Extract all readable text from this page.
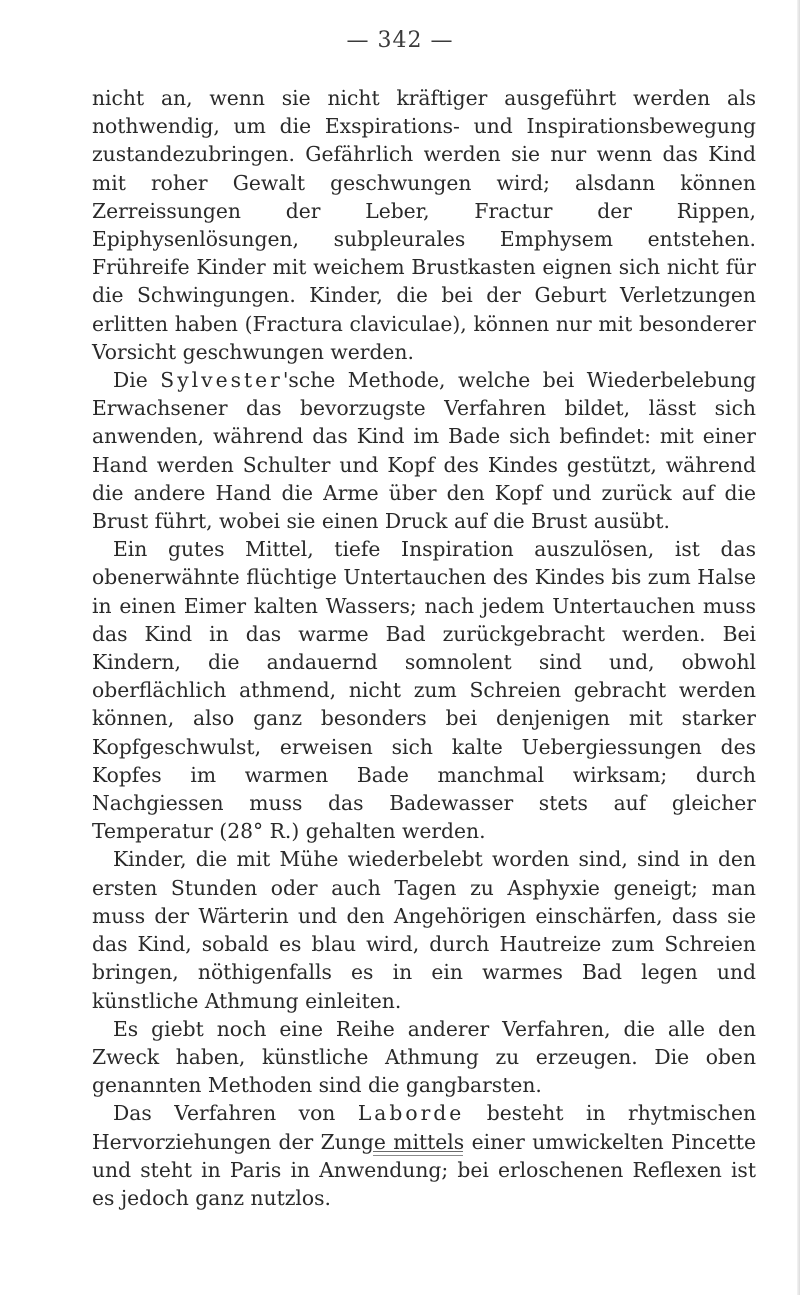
— 342 —

nicht an, wenn sie nicht kräftiger ausgeführt werden als nothwendig, um die Exspirations- und Inspirationsbewegung zustandezubringen. Gefährlich werden sie nur wenn das Kind mit roher Gewalt geschwungen wird; alsdann können Zerreissungen der Leber, Fractur der Rippen, Epiphysenlösungen, subpleurales Emphysem entstehen. Frühreife Kinder mit weichem Brustkasten eignen sich nicht für die Schwingungen. Kinder, die bei der Geburt Verletzungen erlitten haben (Fractura claviculae), können nur mit besonderer Vorsicht geschwungen werden.

Die Sylvester'sche Methode, welche bei Wiederbelebung Erwachsener das bevorzugste Verfahren bildet, lässt sich anwenden, während das Kind im Bade sich befindet: mit einer Hand werden Schulter und Kopf des Kindes gestützt, während die andere Hand die Arme über den Kopf und zurück auf die Brust führt, wobei sie einen Druck auf die Brust ausübt.

Ein gutes Mittel, tiefe Inspiration auszulösen, ist das obenerwähnte flüchtige Untertauchen des Kindes bis zum Halse in einen Eimer kalten Wassers; nach jedem Untertauchen muss das Kind in das warme Bad zurückgebracht werden. Bei Kindern, die andauernd somnolent sind und, obwohl oberflächlich athmend, nicht zum Schreien gebracht werden können, also ganz besonders bei denjenigen mit starker Kopfgeschwulst, erweisen sich kalte Uebergiessungen des Kopfes im warmen Bade manchmal wirksam; durch Nachgiessen muss das Badewasser stets auf gleicher Temperatur (28° R.) gehalten werden.

Kinder, die mit Mühe wiederbelebt worden sind, sind in den ersten Stunden oder auch Tagen zu Asphyxie geneigt; man muss der Wärterin und den Angehörigen einschärfen, dass sie das Kind, sobald es blau wird, durch Hautreize zum Schreien bringen, nöthigenfalls es in ein warmes Bad legen und künstliche Athmung einleiten.

Es giebt noch eine Reihe anderer Verfahren, die alle den Zweck haben, künstliche Athmung zu erzeugen. Die oben genannten Methoden sind die gangbarsten.

Das Verfahren von Laborde besteht in rhytmischen Hervorziehungen der Zunge mittels einer umwickelten Pincette und steht in Paris in Anwendung; bei erloschenen Reflexen ist es jedoch ganz nutzlos.
